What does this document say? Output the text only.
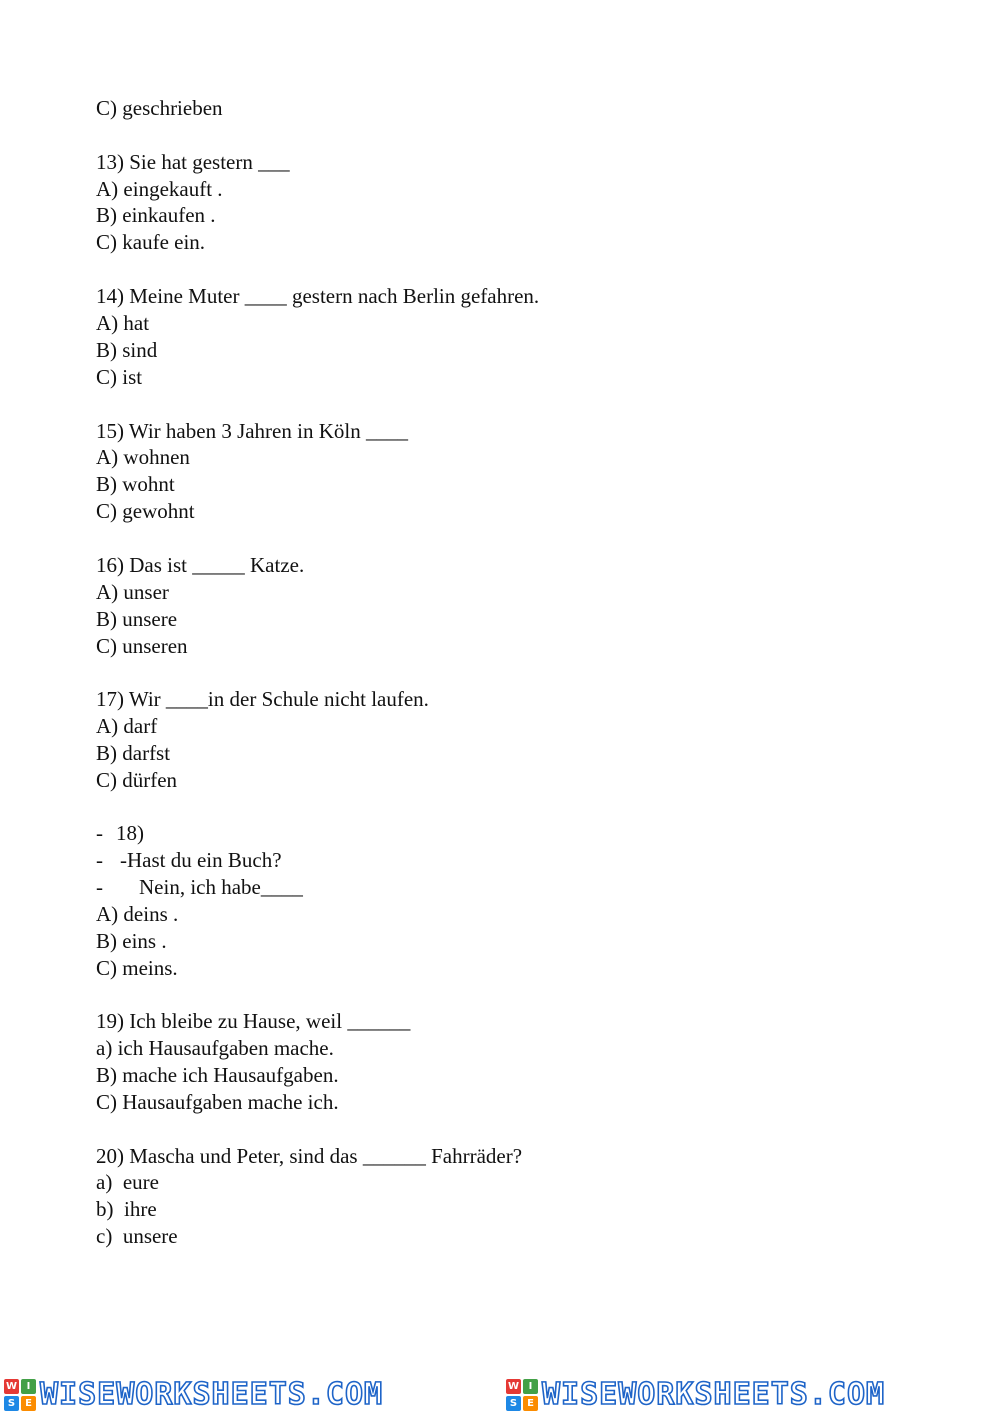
C) geschrieben
13) Sie hat gestern ___
A) eingekauft .
B) einkaufen .
C) kaufe ein.
14) Meine Muter ____ gestern nach Berlin gefahren.
A) hat
B) sind
C) ist
15) Wir haben 3 Jahren in Köln ____
A) wohnen
B) wohnt
C) gewohnt
16) Das ist _____ Katze.
A) unser
B) unsere
C) unseren
17) Wir ____in der Schule nicht laufen.
A) darf
B) darfst
C) dürfen
- 18)
- -Hast du ein Buch?
- Nein, ich habe____
A) deins .
B) eins .
C) meins.
19) Ich bleibe zu Hause, weil ______
a) ich Hausaufgaben mache.
B) mache ich Hausaufgaben.
C) Hausaufgaben mache ich.
20) Mascha und Peter, sind das ______ Fahrräder?
a)  eure
b)  ihre
c)  unsere
W I
S E WISEWORKSHEETS.COM	W I
S E WISEWORKSHEETS.COM
